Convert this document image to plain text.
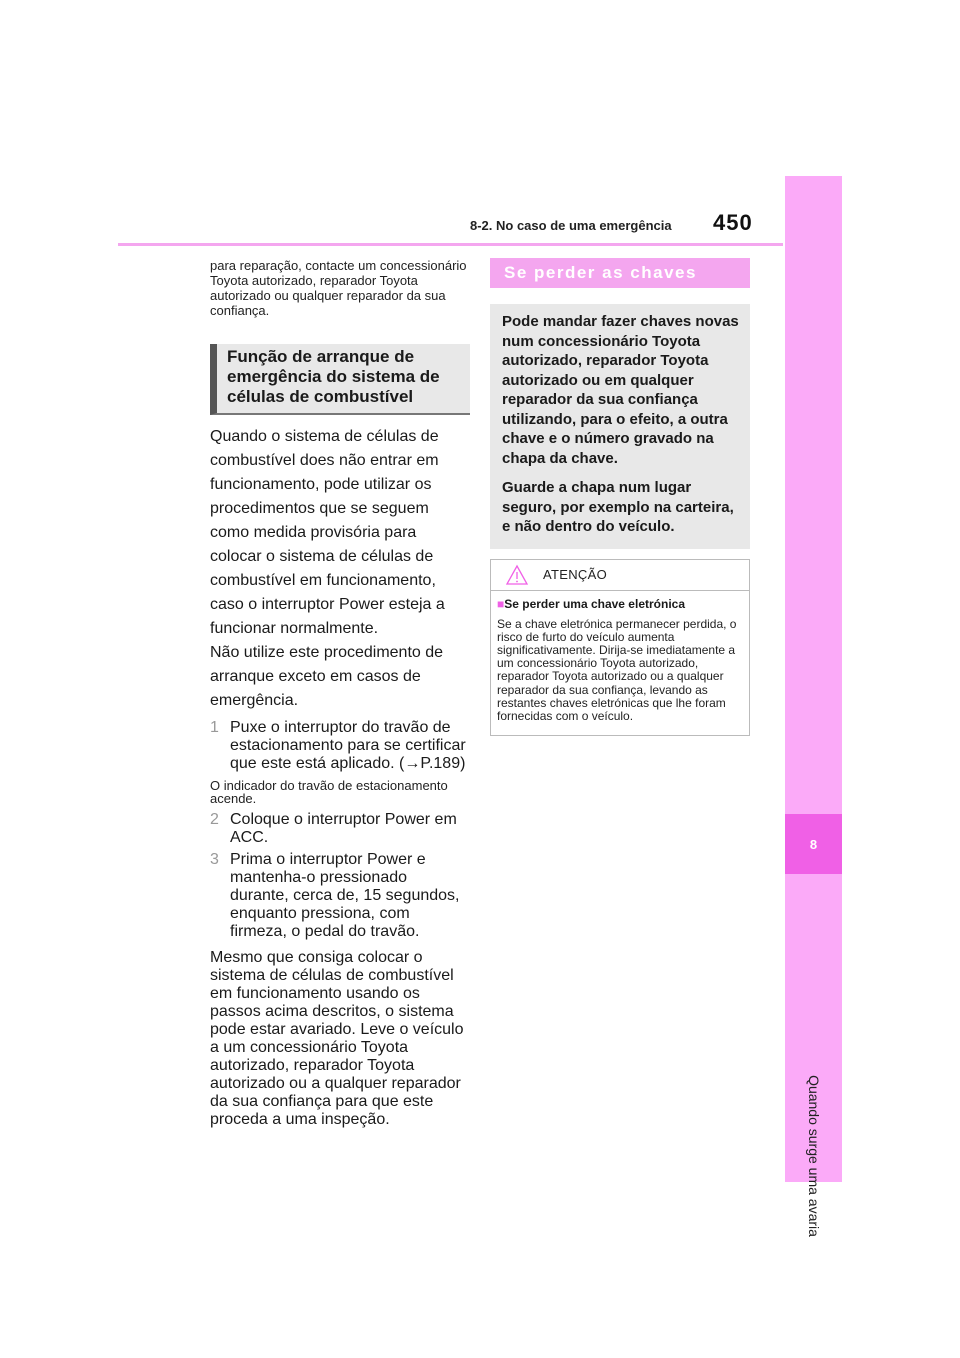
8-2. No caso de uma emergência	450
8
Quando surge uma avaria

para reparação, contacte um concessionário Toyota autorizado, reparador Toyota autorizado ou qualquer reparador da sua confiança.

Função de arranque de emergência do sistema de células de combustível

Quando o sistema de células de combustível does não entrar em funcionamento, pode utilizar os procedimentos que se seguem como medida provisória para colocar o sistema de células de combustível em funcionamento, caso o interruptor Power esteja a funcionar normalmente.

Não utilize este procedimento de arranque exceto em casos de emergência.

1 Puxe o interruptor do travão de estacionamento para se certificar que este está aplicado. (→P.189)

O indicador do travão de estacionamento acende.

2 Coloque o interruptor Power em ACC.
3 Prima o interruptor Power e mantenha-o pressionado durante, cerca de, 15 segundos, enquanto pressiona, com firmeza, o pedal do travão.

Mesmo que consiga colocar o sistema de células de combustível em funcionamento usando os passos acima descritos, o sistema pode estar avariado. Leve o veículo a um concessionário Toyota autorizado, reparador Toyota autorizado ou a qualquer reparador da sua confiança para que este proceda a uma inspeção.

Se perder as chaves

Pode mandar fazer chaves novas num concessionário Toyota autorizado, reparador Toyota autorizado ou em qualquer reparador da sua confiança utilizando, para o efeito, a outra chave e o número gravado na chapa da chave.

Guarde a chapa num lugar seguro, por exemplo na carteira, e não dentro do veículo.

ATENÇÃO
■Se perder uma chave eletrónica

Se a chave eletrónica permanecer perdida, o risco de furto do veículo aumenta significativamente. Dirija-se imediatamente a um concessionário Toyota autorizado, reparador Toyota autorizado ou a qualquer reparador da sua confiança, levando as restantes chaves eletrónicas que lhe foram fornecidas com o veículo.
